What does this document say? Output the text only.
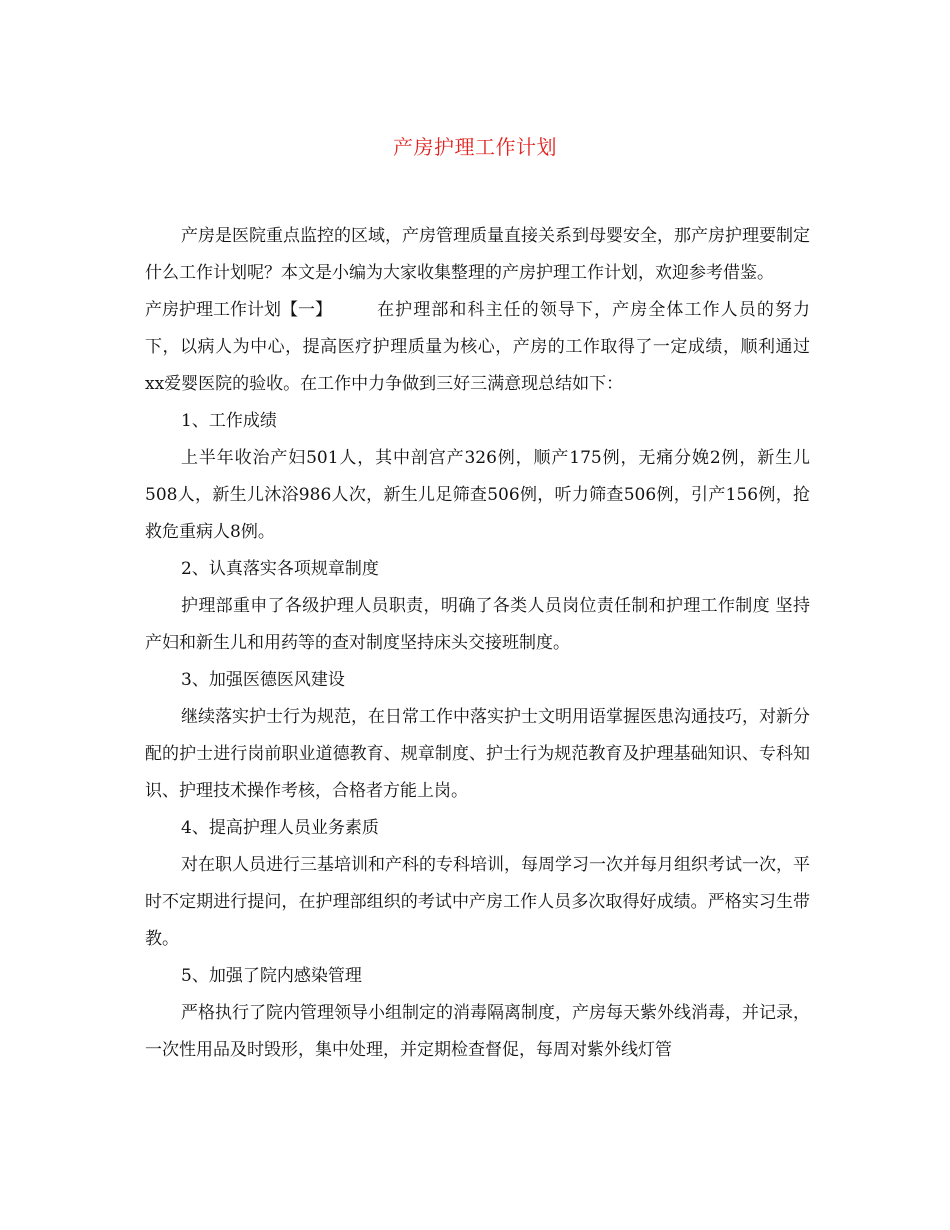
产房护理工作计划

产房是医院重点监控的区域，产房管理质量直接关系到母婴安全，那产房护理要制定什么工作计划呢？本文是小编为大家收集整理的产房护理工作计划，欢迎参考借鉴。

产房护理工作计划【一】	在护理部和科主任的领导下，产房全体工作人员的努力下，以病人为中心，提高医疗护理质量为核心，产房的工作取得了一定成绩，顺利通过xx爱婴医院的验收。在工作中力争做到三好三满意现总结如下：

1、工作成绩

上半年收治产妇501人，其中剖宫产326例，顺产175例，无痛分娩2例，新生儿508人，新生儿沐浴986人次，新生儿足筛查506例，听力筛查506例，引产156例，抢救危重病人8例。

2、认真落实各项规章制度

护理部重申了各级护理人员职责，明确了各类人员岗位责任制和护理工作制度 坚持产妇和新生儿和用药等的查对制度坚持床头交接班制度。

3、加强医德医风建设

继续落实护士行为规范，在日常工作中落实护士文明用语掌握医患沟通技巧，对新分配的护士进行岗前职业道德教育、规章制度、护士行为规范教育及护理基础知识、专科知识、护理技术操作考核，合格者方能上岗。

4、提高护理人员业务素质

对在职人员进行三基培训和产科的专科培训，每周学习一次并每月组织考试一次，平时不定期进行提问，在护理部组织的考试中产房工作人员多次取得好成绩。严格实习生带教。

5、加强了院内感染管理

严格执行了院内管理领导小组制定的消毒隔离制度，产房每天紫外线消毒，并记录，一次性用品及时毁形，集中处理，并定期检查督促，每周对紫外线灯管
